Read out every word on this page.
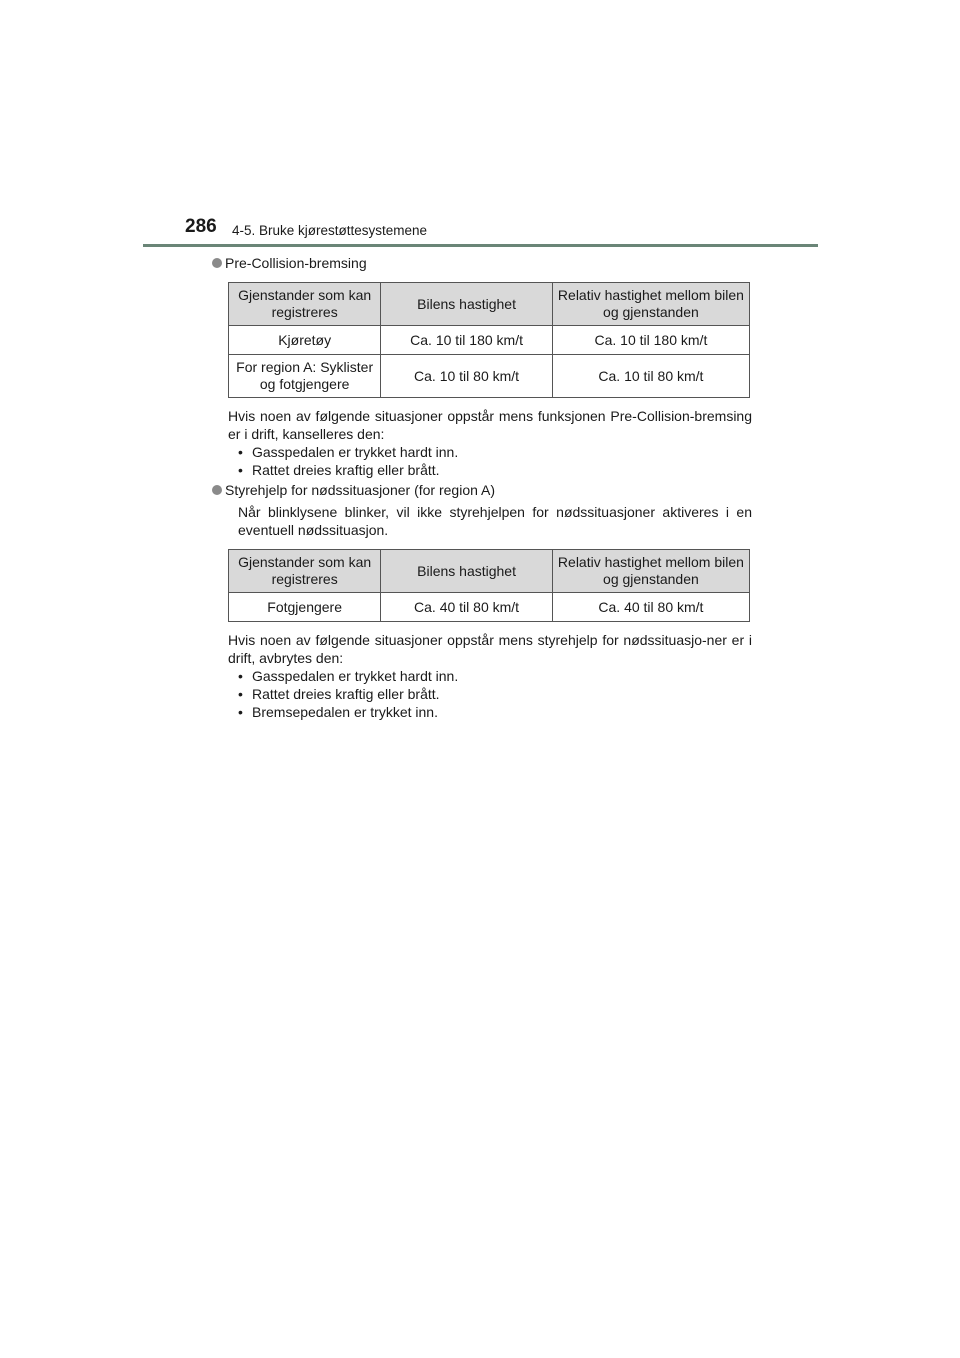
286 4-5. Bruke kjørestøttesystemene

Pre-Collision-bremsing

Gjenstander som kan registreres	Bilens hastighet	Relativ hastighet mellom bilen og gjenstanden
Kjøretøy	Ca. 10 til 180 km/t	Ca. 10 til 180 km/t
For region A: Syklister og fotgjengere	Ca. 10 til 80 km/t	Ca. 10 til 80 km/t

Hvis noen av følgende situasjoner oppstår mens funksjonen Pre-Collision-bremsing er i drift, kanselleres den:

• Gasspedalen er trykket hardt inn.
• Rattet dreies kraftig eller brått.

Styrehjelp for nødssituasjoner (for region A)

Når blinklysene blinker, vil ikke styrehjelpen for nødssituasjoner aktiveres i en eventuell nødssituasjon.

Gjenstander som kan registreres	Bilens hastighet	Relativ hastighet mellom bilen og gjenstanden
Fotgjengere	Ca. 40 til 80 km/t	Ca. 40 til 80 km/t

Hvis noen av følgende situasjoner oppstår mens styrehjelp for nødssituasjo-ner er i drift, avbrytes den:

• Gasspedalen er trykket hardt inn.
• Rattet dreies kraftig eller brått.
• Bremsepedalen er trykket inn.
